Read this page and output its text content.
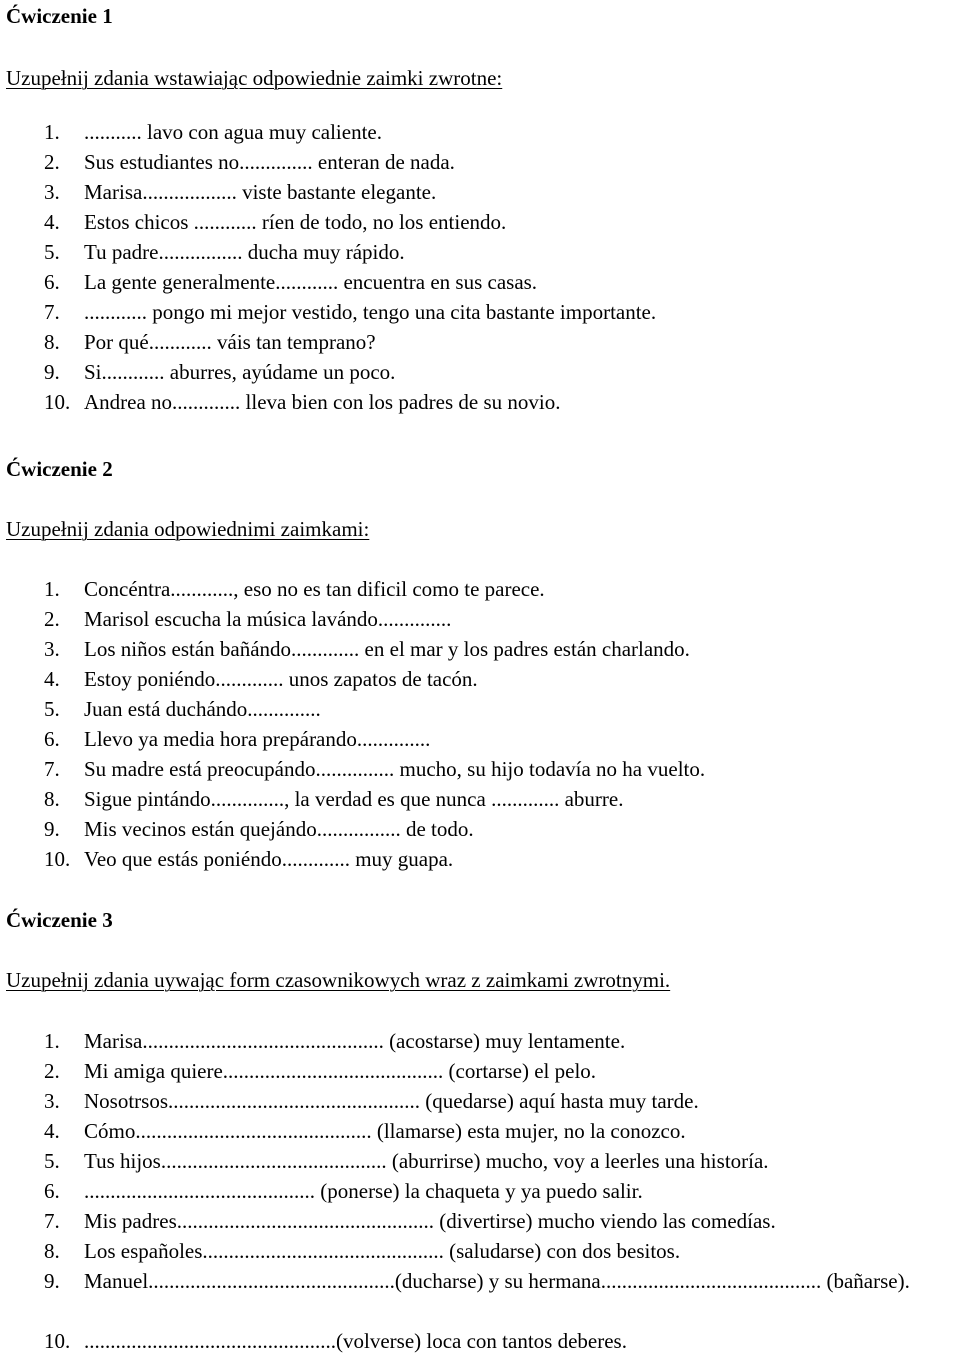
Ćwiczenie 1

Uzupełnij zdania wstawiając odpowiednie zaimki zwrotne:

1.	........... lavo con agua muy caliente.
2.	Sus estudiantes no.............. enteran de nada.
3.	Marisa.................. viste bastante elegante.
4.	Estos chicos ............ ríen de todo, no los entiendo.
5.	Tu padre................ ducha muy rápido.
6.	La gente generalmente............ encuentra en sus casas.
7.	............ pongo mi mejor vestido, tengo una cita bastante importante.
8.	Por qué............ váis tan temprano?
9.	Si............ aburres, ayúdame un poco.
10. Andrea no............. lleva bien con los padres de su novio.
Ćwiczenie 2

Uzupełnij zdania odpowiednimi zaimkami:

1.	Concéntra............, eso no es tan dificil como te parece.
2.	Marisol escucha la música lavándo..............
3.	Los niños están bañándo............. en el mar y los padres están charlando.
4.	Estoy poniéndo............. unos zapatos de tacón.
5.	Juan está duchándo..............
6.	Llevo ya media hora prepárando..............
7.	Su madre está preocupándo............... mucho, su hijo todavía no ha vuelto.
8.	Sigue pintándo.............., la verdad es que nunca ............. aburre.
9.	Mis vecinos están quejándo................ de todo.
10. Veo que estás poniéndo............. muy guapa.
Ćwiczenie 3

Uzupełnij zdania uywając form czasownikowych wraz z zaimkami zwrotnymi.

1.	Marisa.............................................. (acostarse) muy lentamente.
2.	Mi amiga quiere.......................................... (cortarse) el pelo.
3.	Nosotrsos................................................ (quedarse) aquí hasta muy tarde.
4.	Cómo............................................. (llamarse) esta mujer, no la conozco.
5.	Tus hijos........................................... (aburrirse) mucho, voy a leerles una historía.
6.	............................................ (ponerse) la chaqueta y ya puedo salir.
7.	Mis padres................................................. (divertirse) mucho viendo las comedías.
8.	Los españoles.............................................. (saludarse) con dos besitos.
9.	Manuel...............................................(ducharse) y su hermana.......................................... (bañarse).
10. ................................................(volverse) loca con tantos deberes.
